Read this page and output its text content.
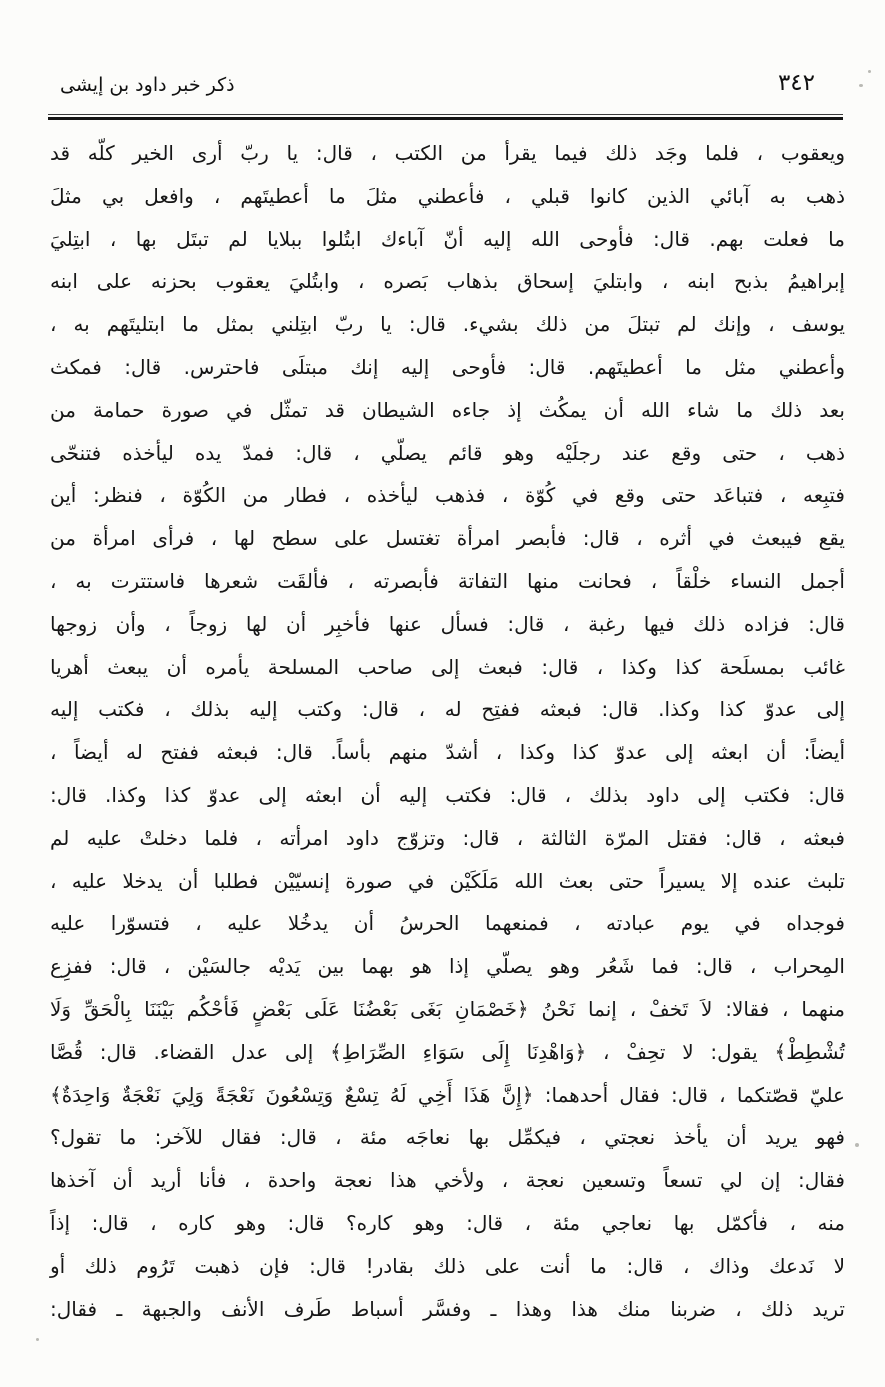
ذكر خبر داود بن إيشى	٣٤٢
ويعقوب ، فلما وجَد ذلك فيما يقرأ من الكتب ، قال: يا ربّ أرى الخير كلّه قد
ذهب به آبائي الذين كانوا قبلي ، فأعطني مثلَ ما أعطيتَهم ، وافعل بي مثلَ
ما فعلت بهم. قال: فأوحى الله إليه أنّ آباءك ابتُلوا ببلايا لم تبتَل بها ، ابتِليَ
إبراهيمُ بذبح ابنه ، وابتليَ إسحاق بذهاب بَصره ، وابتُليَ يعقوب بحزنه على ابنه
يوسف ، وإنك لم تبتلَ من ذلك بشيء. قال: يا ربّ ابتِلني بمثل ما ابتليتَهم به ،
وأعطني مثل ما أعطيتَهم. قال: فأوحى إليه إنك مبتلَى فاحترس. قال: فمكث
بعد ذلك ما شاء الله أن يمكُث إذ جاءه الشيطان قد تمثّل في صورة حمامة من
ذهب ، حتى وقع عند رجلَيْه وهو قائم يصلّي ، قال: فمدّ يده ليأخذه فتنحّى
فتبِعه ، فتباعَد حتى وقع في كُوّة ، فذهب ليأخذه ، فطار من الكُوّة ، فنظر: أين
يقع فيبعث في أثره ، قال: فأبصر امرأة تغتسل على سطح لها ، فرأى امرأة من
أجمل النساء خلْقاً ، فحانت منها التفاتة فأبصرته ، فألقَت شعرها فاستترت به ،
قال: فزاده ذلك فيها رغبة ، قال: فسأل عنها فأخبِر أن لها زوجاً ، وأن زوجها
غائب بمسلَحة كذا وكذا ، قال: فبعث إلى صاحب المسلحة يأمره أن يبعث أهريا
إلى عدوّ كذا وكذا. قال: فبعثه ففتِح له ، قال: وكتب إليه بذلك ، فكتب إليه
أيضاً: أن ابعثه إلى عدوّ كذا وكذا ، أشدّ منهم بأساً. قال: فبعثه ففتح له أيضاً ،
قال: فكتب إلى داود بذلك ، قال: فكتب إليه أن ابعثه إلى عدوّ كذا وكذا. قال:
فبعثه ، قال: فقتل المرّة الثالثة ، قال: وتزوّج داود امرأته ، فلما دخلتْ عليه لم
تلبث عنده إلا يسيراً حتى بعث الله مَلَكَيْن في صورة إنسيّيْن فطلبا أن يدخلا عليه ،
فوجداه في يوم عبادته ، فمنعهما الحرسُ أن يدخُلا عليه ، فتسوّرا عليه
المِحراب ، قال: فما شَعُر وهو يصلّي إذا هو بهما بين يَديْه جالسَيْن ، قال: ففزِع
منهما ، فقالا: لاَ تَخفْ ، إنما نَحْنُ ﴿خَصْمَانِ بَغَى بَعْضُنَا عَلَى بَعْضٍ فَأحْكُم بَيْنَنَا بِالْحَقِّ وَلَا
تُشْطِطْ﴾ يقول: لا تحِفْ ، ﴿وَاهْدِنَا إِلَى سَوَاءِ الصِّرَاطِ﴾ إلى عدل القضاء. قال: قُصَّا
عليّ قصّتكما ، قال: فقال أحدهما: ﴿إِنَّ هَذَا أَخِي لَهُ تِسْعٌ وَتِسْعُونَ نَعْجَةً وَلِيَ نَعْجَةٌ وَاحِدَةٌ﴾
فهو يريد أن يأخذ نعجتي ، فيكمِّل بها نعاجَه مئة ، قال: فقال للآخر: ما تقول؟
فقال: إن لي تسعاً وتسعين نعجة ، ولأخي هذا نعجة واحدة ، فأنا أريد أن آخذها
منه ، فأكمّل بها نعاجي مئة ، قال: وهو كاره؟ قال: وهو كاره ، قال: إذاً
لا نَدعك وذاك ، قال: ما أنت على ذلك بقادر! قال: فإن ذهبت تَرُوم ذلك أو
تريد ذلك ، ضربنا منك هذا وهذا ـ وفسَّر أسباط طَرف الأنف والجبهة ـ فقال:
